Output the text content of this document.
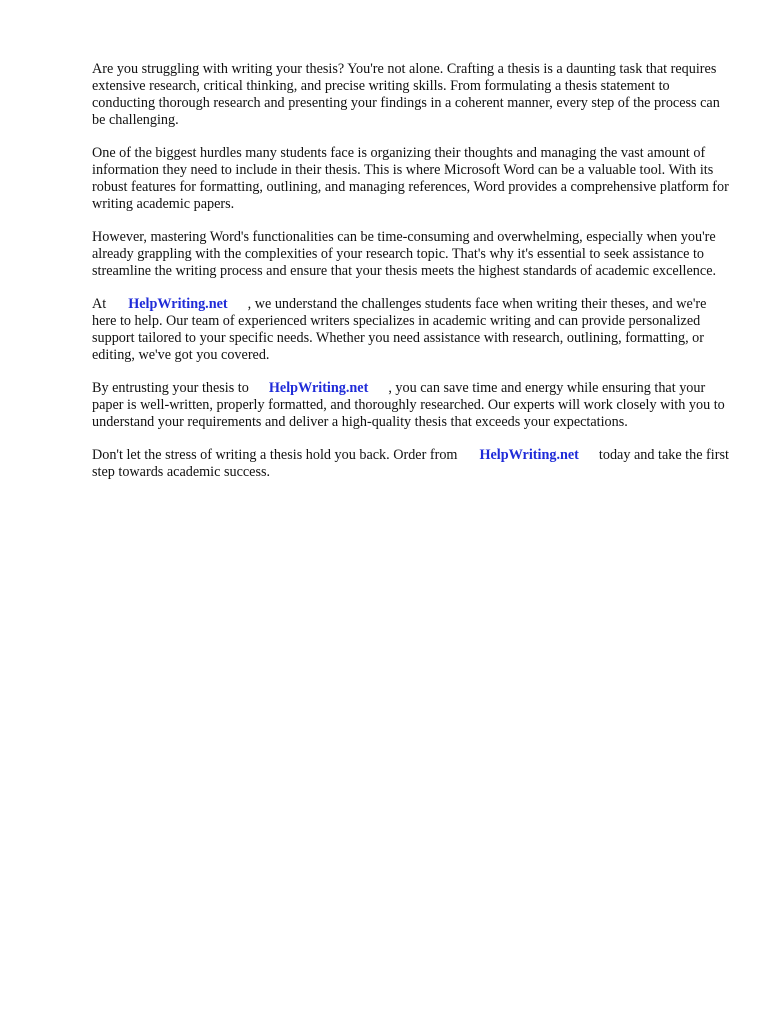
Are you struggling with writing your thesis? You're not alone. Crafting a thesis is a daunting task that requires extensive research, critical thinking, and precise writing skills. From formulating a thesis statement to conducting thorough research and presenting your findings in a coherent manner, every step of the process can be challenging.

One of the biggest hurdles many students face is organizing their thoughts and managing the vast amount of information they need to include in their thesis. This is where Microsoft Word can be a valuable tool. With its robust features for formatting, outlining, and managing references, Word provides a comprehensive platform for writing academic papers.

However, mastering Word's functionalities can be time-consuming and overwhelming, especially when you're already grappling with the complexities of your research topic. That's why it's essential to seek assistance to streamline the writing process and ensure that your thesis meets the highest standards of academic excellence.

At HelpWriting.net , we understand the challenges students face when writing their theses, and we're here to help. Our team of experienced writers specializes in academic writing and can provide personalized support tailored to your specific needs. Whether you need assistance with research, outlining, formatting, or editing, we've got you covered.

By entrusting your thesis to HelpWriting.net , you can save time and energy while ensuring that your paper is well-written, properly formatted, and thoroughly researched. Our experts will work closely with you to understand your requirements and deliver a high-quality thesis that exceeds your expectations.

Don't let the stress of writing a thesis hold you back. Order from HelpWriting.net today and take the first step towards academic success.
